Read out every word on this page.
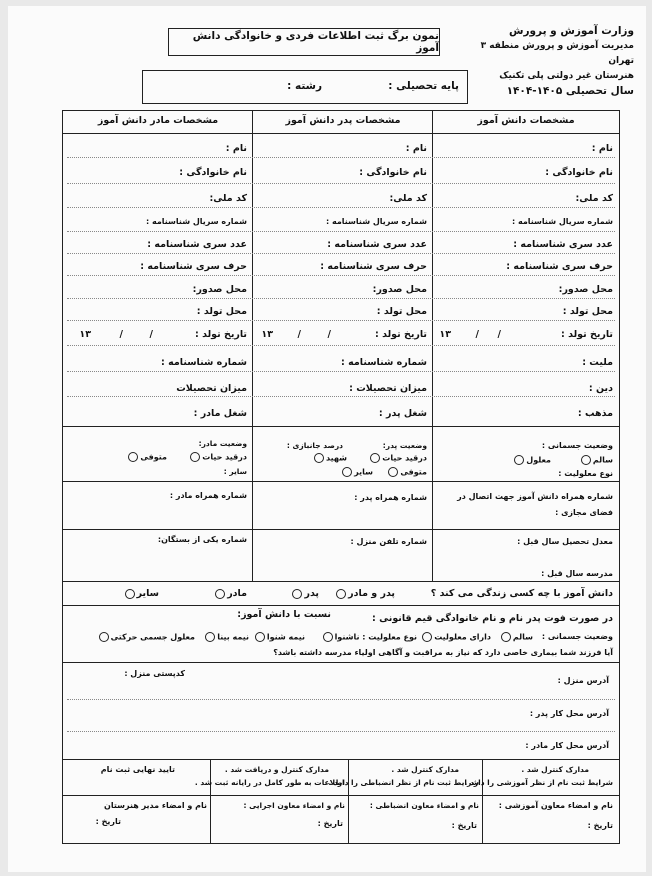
وزارت آموزش و پرورش
مدیریت آموزش و پرورش منطقه ۳ تهران
هنرستان غیر دولتی پلی تکنیک
سال تحصیلی ۱۴۰۵-۱۴۰۴
نمون برگ ثبت اطلاعات فردی و خانوادگی دانش آموز
پایه تحصیلی :
رشته :
مشخصات دانش آموز
مشخصات پدر دانش آموز
مشخصات مادر دانش آموز
نام :
نام خانوادگی :
کد ملی:
شماره سریال شناسنامه :
عدد سری شناسنامه :
حرف سری شناسنامه :
محل صدور:
محل تولد :
تاریخ تولد :
/
/
۱۳
ملیت :
دین :
مذهب :
وضعیت جسمانی :
سالم
معلول
نوع معلولیت :
شماره همراه دانش آموز جهت اتصال در فضای مجازی :
معدل تحصیل سال قبل :
مدرسه سال قبل :
نام :
نام خانوادگی :
کد ملی:
شماره سریال شناسنامه :
عدد سری شناسنامه :
حرف سری شناسنامه :
محل صدور:
محل تولد :
تاریخ تولد :
/
/
۱۳
شماره شناسنامه :
میزان تحصیلات :
شغل پدر :
وضعیت پدر:
درصد جانبازی :
درقید حیات
شهید
متوفی
سایر
شماره همراه پدر :
شماره تلفن منزل :
نام :
نام خانوادگی :
کد ملی:
شماره سریال شناسنامه :
عدد سری شناسنامه :
حرف سری شناسنامه :
محل صدور:
محل تولد :
تاریخ تولد :
/
/
۱۳
شماره شناسنامه :
میزان تحصیلات
شغل مادر :
وضعیت مادر:
درقید حیات
متوفی
سایر :
شماره همراه مادر :
شماره یکی از بستگان:
دانش آموز با چه کسی زندگی می کند ؟
پدر و مادر
پدر
مادر
سایر
در صورت فوت پدر نام و نام خانوادگی قیم قانونی :
نسبت با دانش آموز:
وضعیت جسمانی :
سالم
دارای معلولیت
نوع معلولیت : ناشنوا
نیمه شنوا
نیمه بینا
معلول جسمی حرکتی
آیا فرزند شما بیماری خاصی دارد که نیاز به مراقبت و آگاهی اولیاء مدرسه داشته باشد؟
آدرس منزل :
کدپستی منزل :
آدرس محل کار پدر :
آدرس محل کار مادر :
مدارک کنترل شد .
شرایط ثبت نام از نظر آموزشی را دارد .
نام و امضاء معاون آموزشی :
تاریخ :
مدارک کنترل شد .
شرایط ثبت نام از نظر انضباطی را دارد .
نام و امضاء معاون انضباطی :
تاریخ :
مدارک کنترل و دریافت شد .
اطلاعات به طور کامل در رایانه ثبت شد .
نام و امضاء معاون اجرایی :
تاریخ :
تایید نهایی ثبت نام
نام و امضاء مدیر هنرستان
تاریخ :
